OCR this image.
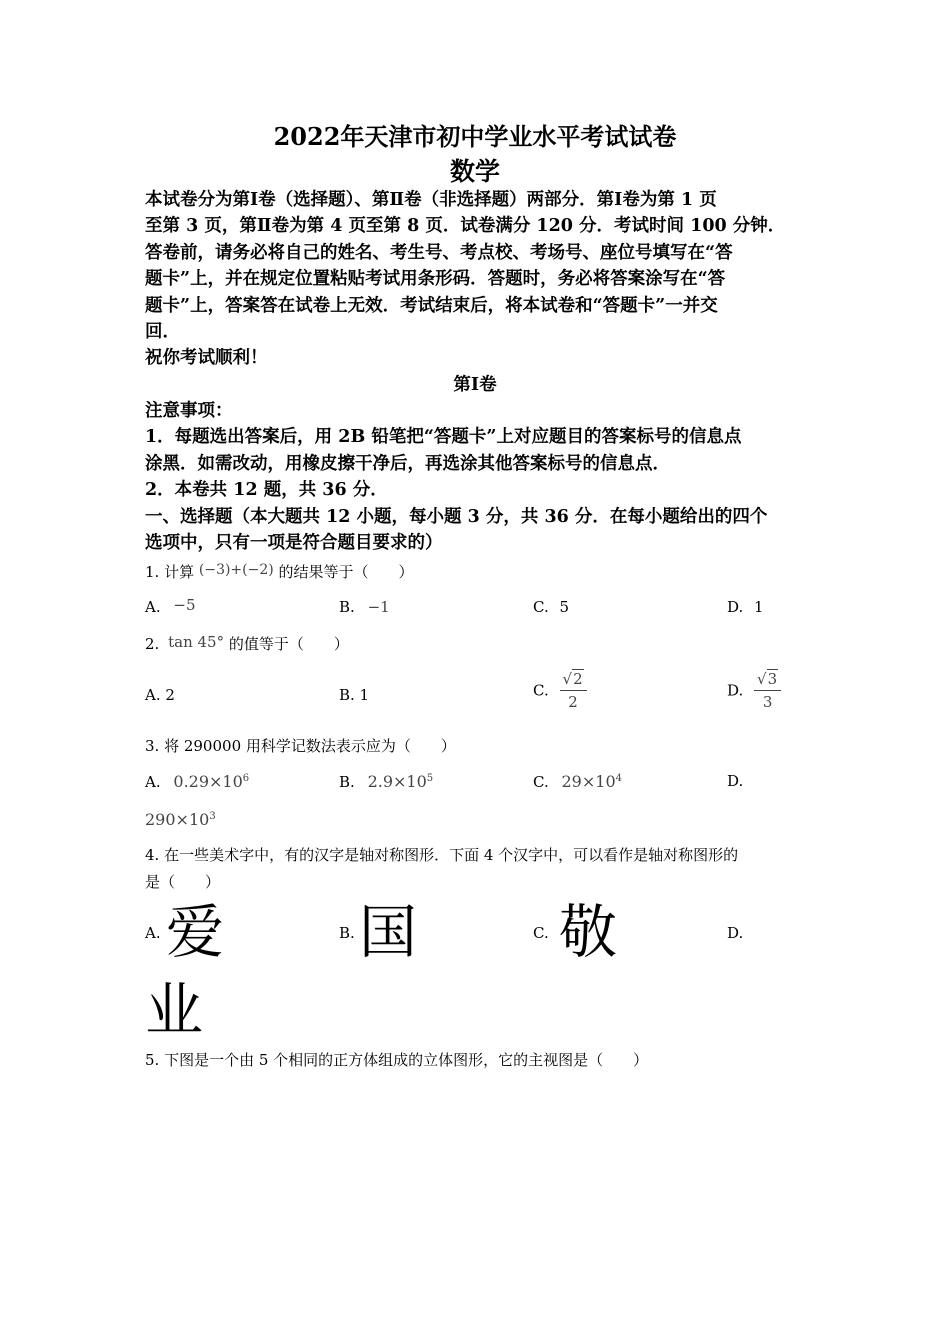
2022年天津市初中学业水平考试试卷
数学
本试卷分为第Ⅰ卷（选择题）、第Ⅱ卷（非选择题）两部分．第Ⅰ卷为第 1 页
至第 3 页，第Ⅱ卷为第 4 页至第 8 页．试卷满分 120 分．考试时间 100 分钟．
答卷前，请务必将自己的姓名、考生号、考点校、考场号、座位号填写在“答
题卡”上，并在规定位置粘贴考试用条形码．答题时，务必将答案涂写在“答
题卡”上，答案答在试卷上无效．考试结束后，将本试卷和“答题卡”一并交
回．
祝你考试顺利！
第Ⅰ卷
注意事项：
1．每题选出答案后，用 2B 铅笔把“答题卡”上对应题目的答案标号的信息点
涂黑．如需改动，用橡皮擦干净后，再选涂其他答案标号的信息点．
2．本卷共 12 题，共 36 分．
一、选择题（本大题共 12 小题，每小题 3 分，共 36 分．在每小题给出的四个
选项中，只有一项是符合题目要求的）
1. 计算 (−3)+(−2) 的结果等于（　　）
A. −5	B. −1	C. 5	D. 1
2. tan 45° 的值等于（　　）
A. 2	B. 1	C. $\frac{√2}{2}$	D. $\frac{√3}{3}$
3. 将 290000 用科学记数法表示应为（　　）
A. $0.29\times 10^6$	B. $2.9\times 10^5$	C. $29\times 10^4$	D.
$290\times 10^3$
4. 在一些美术字中，有的汉字是轴对称图形．下面 4 个汉字中，可以看作是轴对称图形的
是（　　）
A. 爱	B. 国	C. 敬	D.
业
5. 下图是一个由 5 个相同的正方体组成的立体图形，它的主视图是（　　）
